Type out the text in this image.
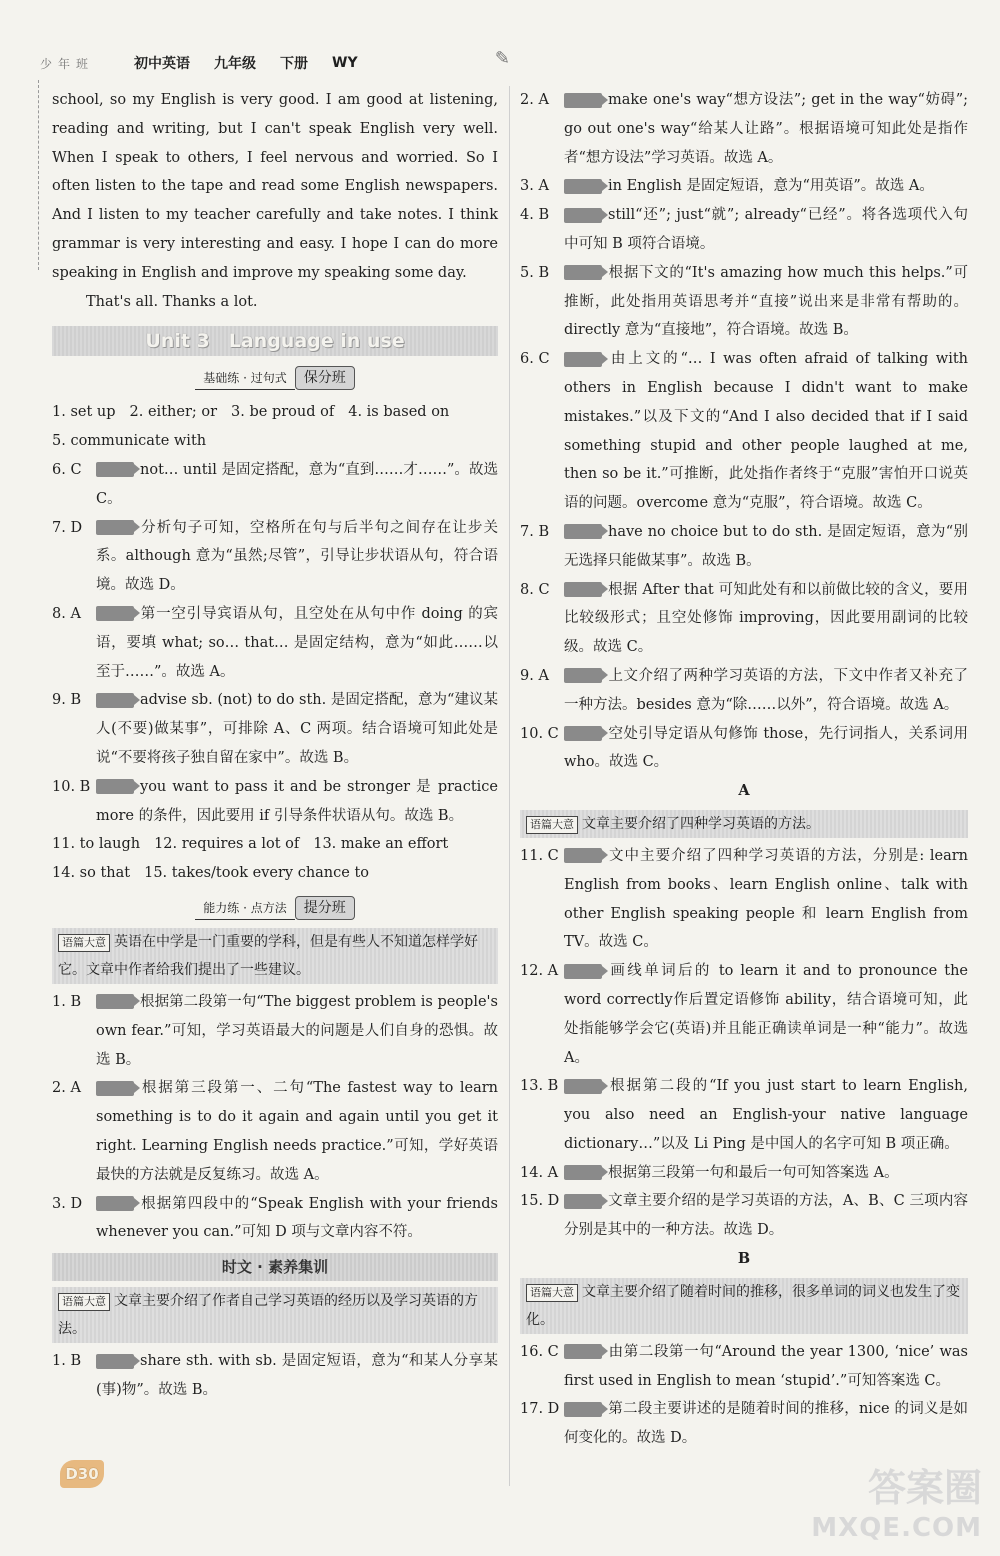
少年班	初中英语 九年级 下册 WY	✎
school, so my English is very good. I am good at listening, reading and writing, but I can't speak English very well. When I speak to others, I feel nervous and worried. So I often listen to the tape and read some English newspapers. And I listen to my teacher carefully and take notes. I think grammar is very interesting and easy. I hope I can do more speaking in English and improve my speaking some day.
That's all. Thanks a lot.
Unit 3　Language in use
基础练 · 过句式 保分班
1. set up 2. either; or 3. be proud of 4. is based on
5. communicate with
6. C	not… until 是固定搭配，意为“直到……才……”。故选 C。
7. D	分析句子可知，空格所在句与后半句之间存在让步关系。although 意为“虽然;尽管”，引导让步状语从句，符合语境。故选 D。
8. A	第一空引导宾语从句，且空处在从句中作 doing 的宾语，要填 what; so… that… 是固定结构，意为“如此……以至于……”。故选 A。
9. B	advise sb. (not) to do sth. 是固定搭配，意为“建议某人(不要)做某事”，可排除 A、C 两项。结合语境可知此处是说“不要将孩子独自留在家中”。故选 B。
10. B	you want to pass it and be stronger 是 practice more 的条件，因此要用 if 引导条件状语从句。故选 B。
11. to laugh 12. requires a lot of 13. make an effort
14. so that 15. takes/took every chance to
能力练 · 点方法 提分班
语篇大意 英语在中学是一门重要的学科，但是有些人不知道怎样学好它。文章中作者给我们提出了一些建议。
1. B	根据第二段第一句“The biggest problem is people's own fear.”可知，学习英语最大的问题是人们自身的恐惧。故选 B。
2. A	根据第三段第一、二句“The fastest way to learn something is to do it again and again until you get it right. Learning English needs practice.”可知，学好英语最快的方法就是反复练习。故选 A。
3. D	根据第四段中的“Speak English with your friends whenever you can.”可知 D 项与文章内容不符。
时文 · 素养集训
语篇大意 文章主要介绍了作者自己学习英语的经历以及学习英语的方法。
1. B	share sth. with sb. 是固定短语，意为“和某人分享某(事)物”。故选 B。
2. A	make one's way“想方设法”; get in the way“妨碍”; go out one's way“给某人让路”。根据语境可知此处是指作者“想方设法”学习英语。故选 A。
3. A	in English 是固定短语，意为“用英语”。故选 A。
4. B	still“还”; just“就”; already“已经”。将各选项代入句中可知 B 项符合语境。
5. B	根据下文的“It's amazing how much this helps.”可推断，此处指用英语思考并“直接”说出来是非常有帮助的。directly 意为“直接地”，符合语境。故选 B。
6. C	由上文的“… I was often afraid of talking with others in English because I didn't want to make mistakes.”以及下文的“And I also decided that if I said something stupid and other people laughed at me, then so be it.”可推断，此处指作者终于“克服”害怕开口说英语的问题。overcome 意为“克服”，符合语境。故选 C。
7. B	have no choice but to do sth. 是固定短语，意为“别无选择只能做某事”。故选 B。
8. C	根据 After that 可知此处有和以前做比较的含义，要用比较级形式；且空处修饰 improving，因此要用副词的比较级。故选 C。
9. A	上文介绍了两种学习英语的方法，下文中作者又补充了一种方法。besides 意为“除……以外”，符合语境。故选 A。
10. C	空处引导定语从句修饰 those，先行词指人，关系词用 who。故选 C。
A
语篇大意 文章主要介绍了四种学习英语的方法。
11. C	文中主要介绍了四种学习英语的方法，分别是: learn English from books、learn English online、talk with other English speaking people 和 learn English from TV。故选 C。
12. A	画线单词后的 to learn it and to pronounce the word correctly作后置定语修饰 ability，结合语境可知，此处指能够学会它(英语)并且能正确读单词是一种“能力”。故选 A。
13. B	根据第二段的“If you just start to learn English, you also need an English-your native language dictionary…”以及 Li Ping 是中国人的名字可知 B 项正确。
14. A	根据第三段第一句和最后一句可知答案选 A。
15. D	文章主要介绍的是学习英语的方法，A、B、C 三项内容分别是其中的一种方法。故选 D。
B
语篇大意 文章主要介绍了随着时间的推移，很多单词的词义也发生了变化。
16. C	由第二段第一句“Around the year 1300, ‘nice’ was first used in English to mean ‘stupid’.”可知答案选 C。
17. D	第二段主要讲述的是随着时间的推移，nice 的词义是如何变化的。故选 D。
D30	答案圈
MXQE.COM
